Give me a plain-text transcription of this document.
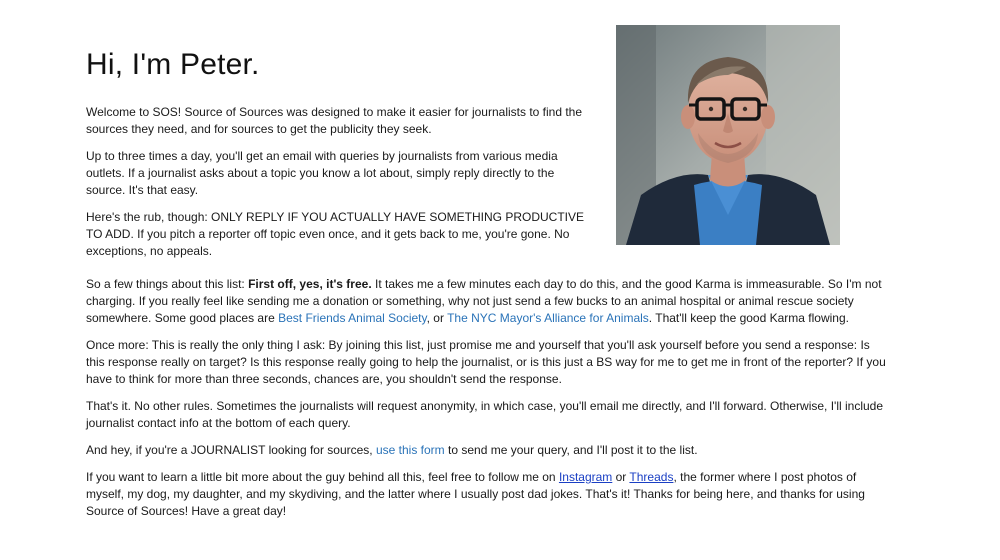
Hi, I'm Peter.

Welcome to SOS! Source of Sources was designed to make it easier for journalists to find the sources they need, and for sources to get the publicity they seek.

Up to three times a day, you'll get an email with queries by journalists from various media outlets. If a journalist asks about a topic you know a lot about, simply reply directly to the source. It's that easy.

Here's the rub, though: ONLY REPLY IF YOU ACTUALLY HAVE SOMETHING PRODUCTIVE TO ADD. If you pitch a reporter off topic even once, and it gets back to me, you're gone. No exceptions, no appeals.

So a few things about this list: First off, yes, it's free. It takes me a few minutes each day to do this, and the good Karma is immeasurable. So I'm not charging. If you really feel like sending me a donation or something, why not just send a few bucks to an animal hospital or animal rescue society somewhere. Some good places are Best Friends Animal Society, or The NYC Mayor's Alliance for Animals. That'll keep the good Karma flowing.

Once more: This is really the only thing I ask: By joining this list, just promise me and yourself that you'll ask yourself before you send a response: Is this response really on target? Is this response really going to help the journalist, or is this just a BS way for me to get me in front of the reporter? If you have to think for more than three seconds, chances are, you shouldn't send the response.

That's it. No other rules. Sometimes the journalists will request anonymity, in which case, you'll email me directly, and I'll forward. Otherwise, I'll include journalist contact info at the bottom of each query.

And hey, if you're a JOURNALIST looking for sources, use this form to send me your query, and I'll post it to the list.

If you want to learn a little bit more about the guy behind all this, feel free to follow me on Instagram or Threads, the former where I post photos of myself, my dog, my daughter, and my skydiving, and the latter where I usually post dad jokes. That's it! Thanks for being here, and thanks for using Source of Sources! Have a great day!
